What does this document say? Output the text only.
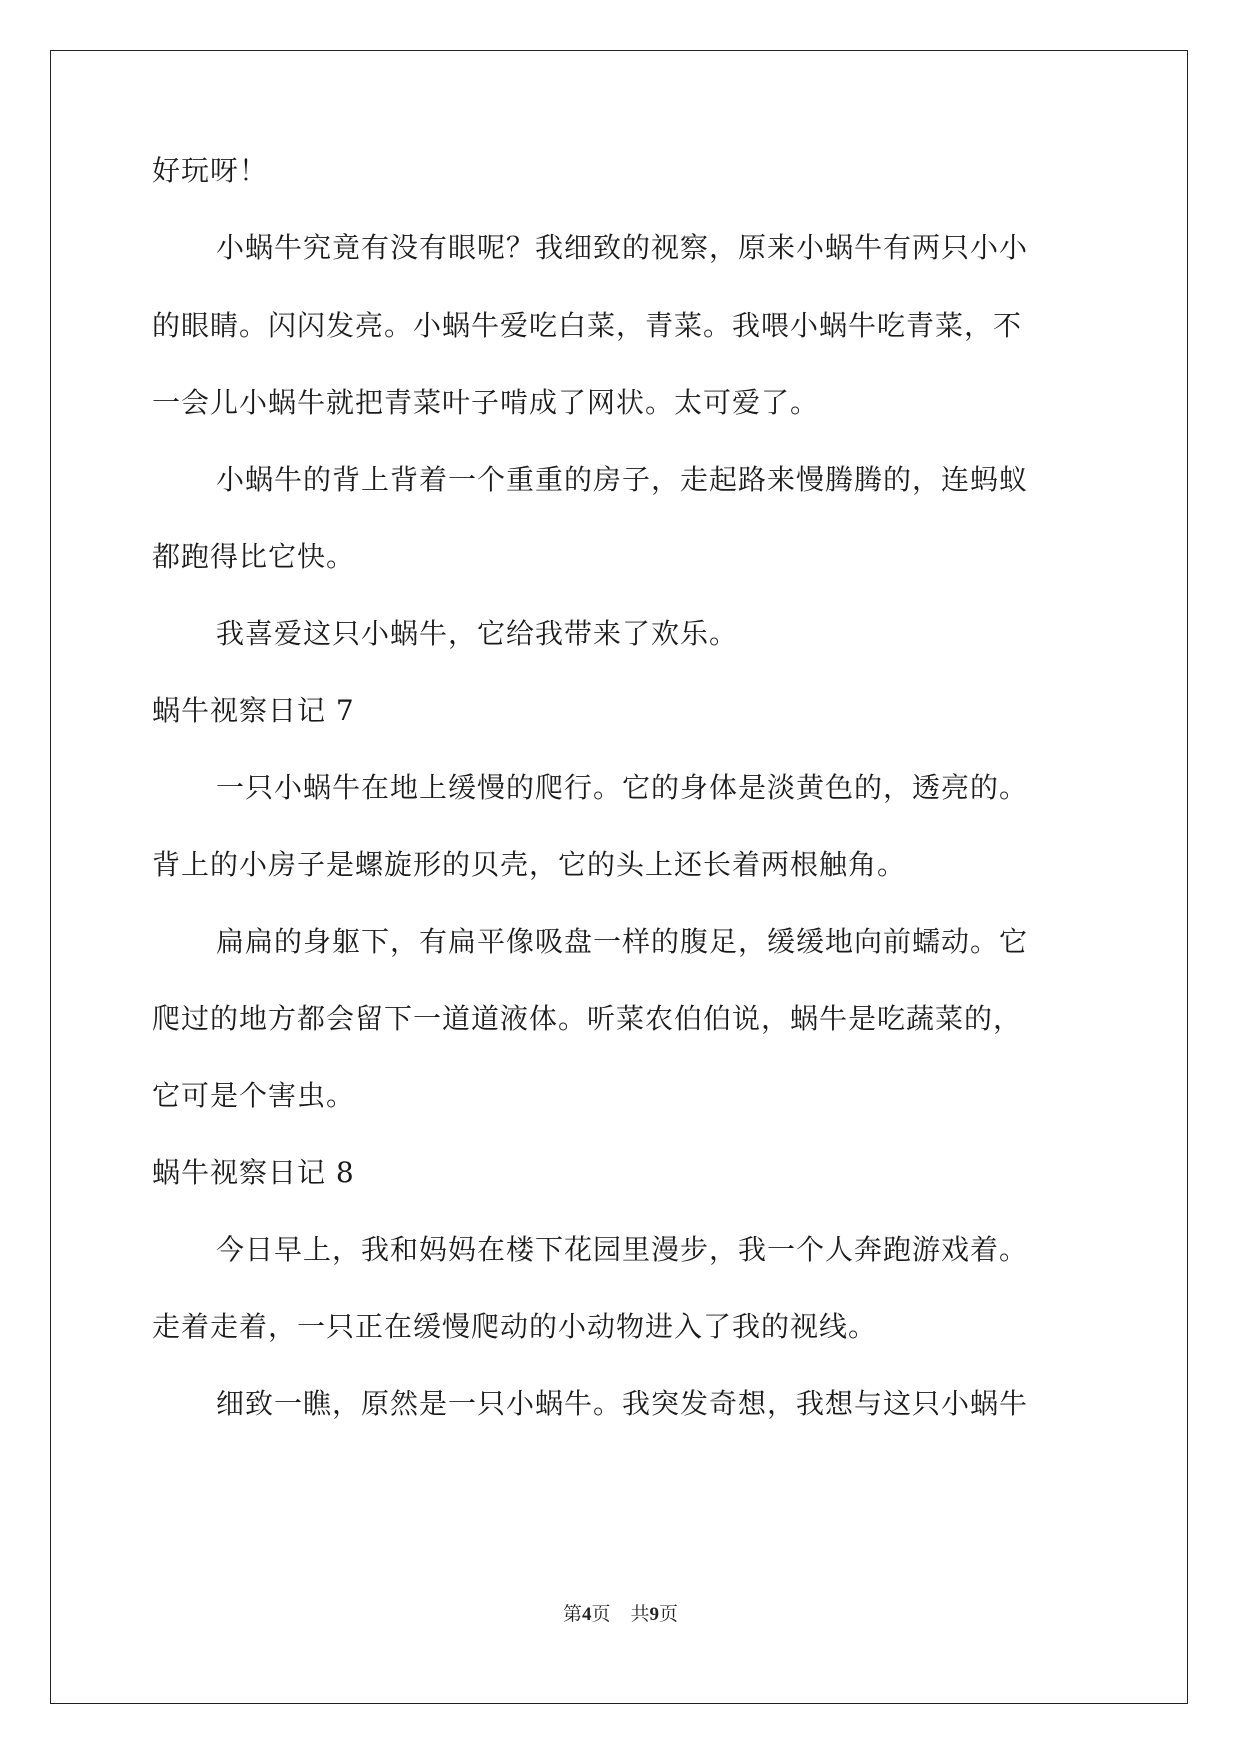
好玩呀！
小蜗牛究竟有没有眼呢？我细致的视察，原来小蜗牛有两只小小
的眼睛。闪闪发亮。小蜗牛爱吃白菜，青菜。我喂小蜗牛吃青菜，不
一会儿小蜗牛就把青菜叶子啃成了网状。太可爱了。
小蜗牛的背上背着一个重重的房子，走起路来慢腾腾的，连蚂蚁
都跑得比它快。
我喜爱这只小蜗牛，它给我带来了欢乐。
蜗牛视察日记 7
一只小蜗牛在地上缓慢的爬行。它的身体是淡黄色的，透亮的。
背上的小房子是螺旋形的贝壳，它的头上还长着两根触角。
扁扁的身躯下，有扁平像吸盘一样的腹足，缓缓地向前蠕动。它
爬过的地方都会留下一道道液体。听菜农伯伯说，蜗牛是吃蔬菜的，
它可是个害虫。
蜗牛视察日记 8
今日早上，我和妈妈在楼下花园里漫步，我一个人奔跑游戏着。
走着走着，一只正在缓慢爬动的小动物进入了我的视线。
细致一瞧，原然是一只小蜗牛。我突发奇想，我想与这只小蜗牛
第4页 共9页
